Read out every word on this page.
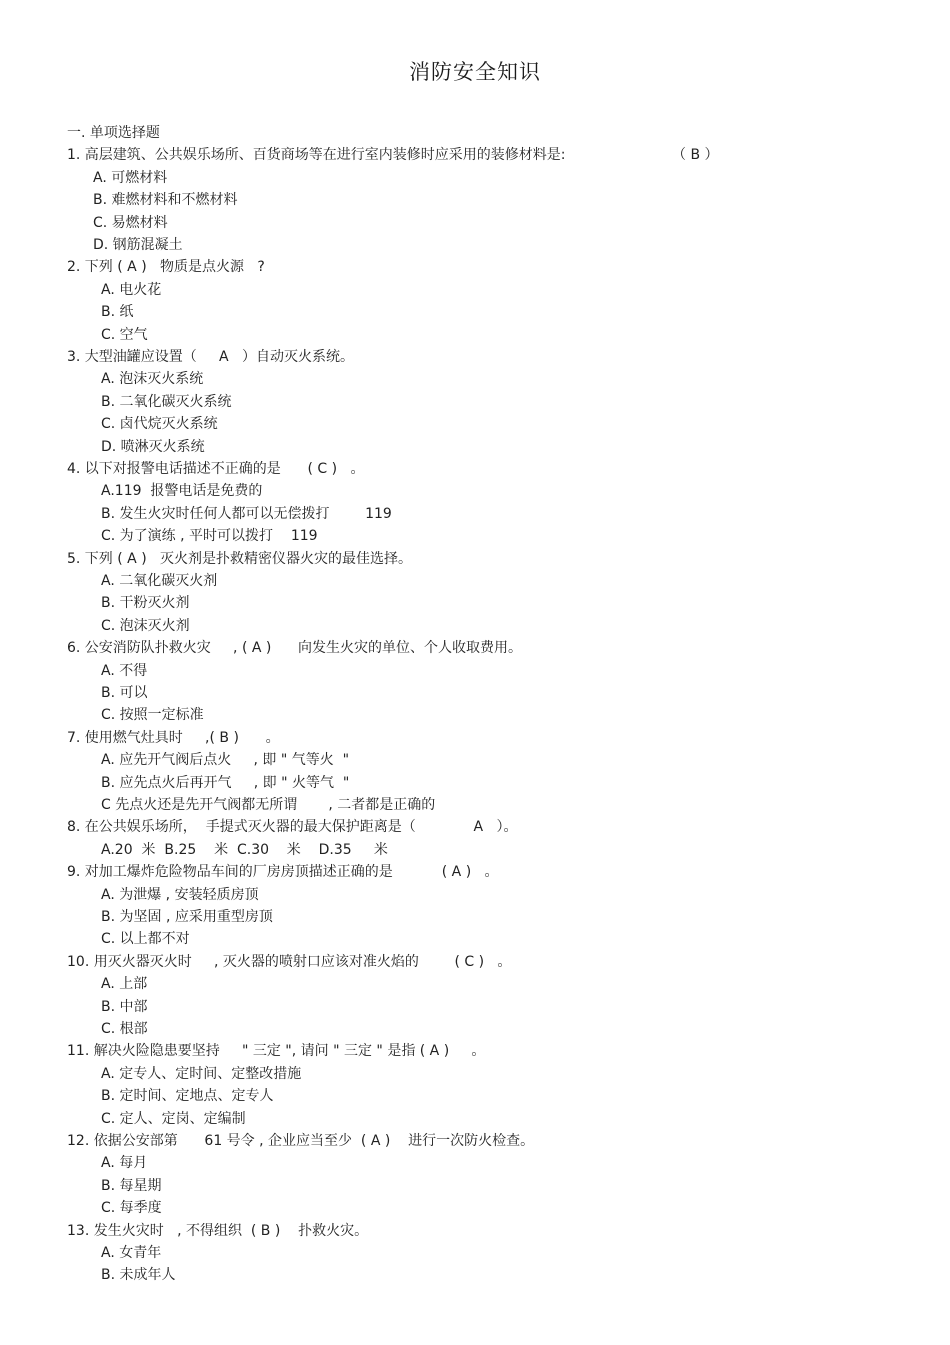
消防安全知识
一. 单项选择题
1. 高层建筑、公共娱乐场所、百货商场等在进行室内装修时应采用的装修材料是:	（ B ）
A. 可燃材料
B. 难燃材料和不燃材料
C. 易燃材料
D. 钢筋混凝土
2. 下列 ( A )   物质是点火源   ?
A. 电火花
B. 纸
C. 空气
3. 大型油罐应设置（     A   ）自动灭火系统。
A. 泡沫灭火系统
B. 二氧化碳灭火系统
C. 卤代烷灭火系统
D. 喷淋灭火系统
4. 以下对报警电话描述不正确的是      ( C )   。
A.119  报警电话是免费的
B. 发生火灾时任何人都可以无偿拨打        119
C. 为了演练 , 平时可以拨打    119
5. 下列 ( A )   灭火剂是扑救精密仪器火灾的最佳选择。
A. 二氧化碳灭火剂
B. 干粉灭火剂
C. 泡沫灭火剂
6. 公安消防队扑救火灾     , ( A )      向发生火灾的单位、个人收取费用。
A. 不得
B. 可以
C. 按照一定标准
7. 使用燃气灶具时     ,( B )      。
A. 应先开气阀后点火     , 即 " 气等火  "
B. 应先点火后再开气     , 即 " 火等气  "
C 先点火还是先开气阀都无所谓       , 二者都是正确的
8. 在公共娱乐场所，  手提式灭火器的最大保护距离是（             A   ）。
A.20  米  B.25    米  C.30    米    D.35     米
9. 对加工爆炸危险物品车间的厂房房顶描述正确的是           ( A )   。
A. 为泄爆 , 安装轻质房顶
B. 为坚固 , 应采用重型房顶
C. 以上都不对
10. 用灭火器灭火时     , 灭火器的喷射口应该对准火焰的        ( C )   。
A. 上部
B. 中部
C. 根部
11. 解决火险隐患要坚持     " 三定 ", 请问 " 三定 " 是指 ( A )     。
A. 定专人、定时间、定整改措施
B. 定时间、定地点、定专人
C. 定人、定岗、定编制
12. 依据公安部第      61 号令 , 企业应当至少  ( A )    进行一次防火检查。
A. 每月
B. 每星期
C. 每季度
13. 发生火灾时   , 不得组织  ( B )    扑救火灾。
A. 女青年
B. 未成年人
